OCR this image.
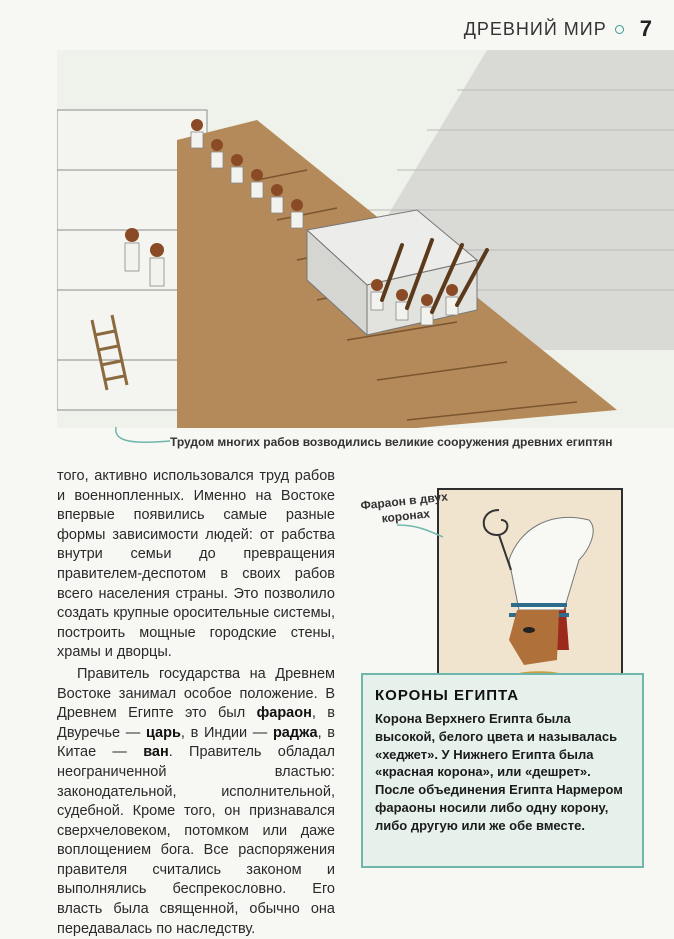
ДРЕВНИЙ МИР 7
Трудом многих рабов возводились великие сооружения древних египтян

того, активно использовался труд рабов и военнопленных. Именно на Востоке впервые появились самые разные формы зависимости людей: от рабства внутри семьи до превращения правителем-деспотом в своих рабов всего населения страны. Это позволило создать крупные оросительные системы, построить мощные городские стены, храмы и дворцы.

Правитель государства на Древнем Востоке занимал особое положение. В Древнем Египте это был фараон, в Двуречье — царь, в Индии — раджа, в Китае — ван. Правитель обладал неограниченной властью: законодательной, исполнительной, судебной. Кроме того, он признавался сверхчеловеком, потомком или даже воплощением бога. Все распоряжения правителя считались законом и выполнялись беспрекословно. Его власть была священной, обычно она передавалась по наследству.

Фараон в двух коронах
КОРОНЫ ЕГИПТА
Корона Верхнего Египта была высокой, белого цвета и называлась «хеджет». У Нижнего Египта была «красная корона», или «дешрет». После объединения Египта Нармером фараоны носили либо одну корону, либо другую или же обе вместе.
